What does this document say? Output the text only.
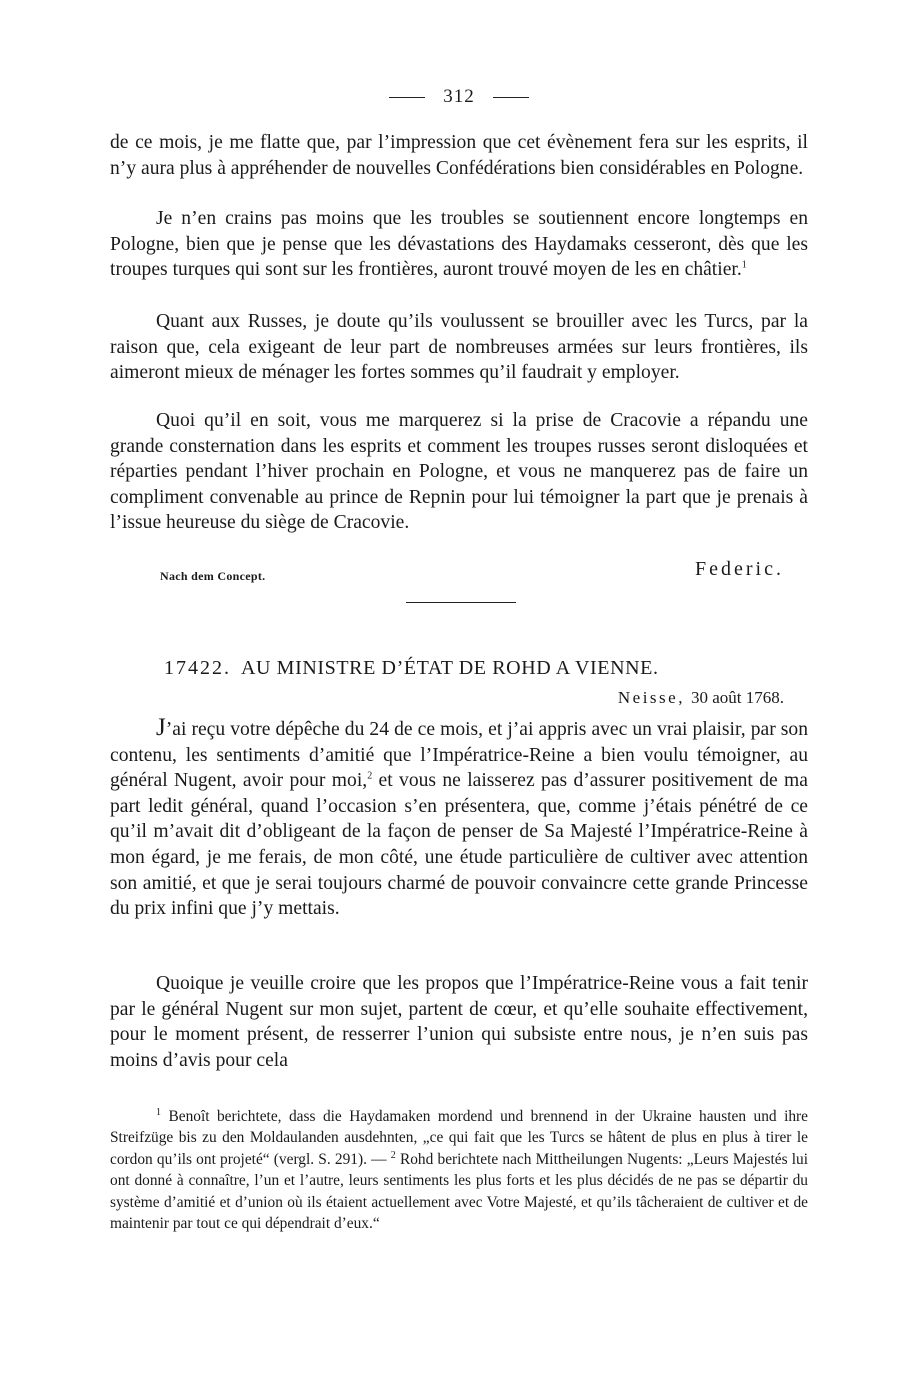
312

de ce mois, je me flatte que, par l’impression que cet évènement fera sur les esprits, il n’y aura plus à appréhender de nouvelles Confédérations bien considérables en Pologne.

Je n’en crains pas moins que les troubles se soutiennent encore longtemps en Pologne, bien que je pense que les dévastations des Haydamaks cesseront, dès que les troupes turques qui sont sur les frontières, auront trouvé moyen de les en châtier.$^1$

Quant aux Russes, je doute qu’ils voulussent se brouiller avec les Turcs, par la raison que, cela exigeant de leur part de nombreuses armées sur leurs frontières, ils aimeront mieux de ménager les fortes sommes qu’il faudrait y employer.

Quoi qu’il en soit, vous me marquerez si la prise de Cracovie a répandu une grande consternation dans les esprits et comment les troupes russes seront disloquées et réparties pendant l’hiver prochain en Pologne, et vous ne manquerez pas de faire un compliment convenable au prince de Repnin pour lui témoigner la part que je prenais à l’issue heureuse du siège de Cracovie.

Nach dem Concept.	Federic.
17422. AU MINISTRE D’ÉTAT DE ROHD A VIENNE.
Neisse, 30 août 1768.

J’ai reçu votre dépêche du 24 de ce mois, et j’ai appris avec un vrai plaisir, par son contenu, les sentiments d’amitié que l’Impératrice-Reine a bien voulu témoigner, au général Nugent, avoir pour moi,$^2$ et vous ne laisserez pas d’assurer positivement de ma part ledit général, quand l’occasion s’en présentera, que, comme j’étais pénétré de ce qu’il m’avait dit d’obligeant de la façon de penser de Sa Majesté l’Impératrice-Reine à mon égard, je me ferais, de mon côté, une étude particulière de cultiver avec attention son amitié, et que je serai toujours charmé de pouvoir convaincre cette grande Princesse du prix infini que j’y mettais.

Quoique je veuille croire que les propos que l’Impératrice-Reine vous a fait tenir par le général Nugent sur mon sujet, partent de cœur, et qu’elle souhaite effectivement, pour le moment présent, de resserrer l’union qui subsiste entre nous, je n’en suis pas moins d’avis pour cela

$^1$ Benoît berichtete, dass die Haydamaken mordend und brennend in der Ukraine hausten und ihre Streifzüge bis zu den Moldaulanden ausdehnten, „ce qui fait que les Turcs se hâtent de plus en plus à tirer le cordon qu’ils ont projeté“ (vergl. S. 291). — $^2$ Rohd berichtete nach Mittheilungen Nugents: „Leurs Majestés lui ont donné à connaître, l’un et l’autre, leurs sentiments les plus forts et les plus décidés de ne pas se départir du système d’amitié et d’union où ils étaient actuellement avec Votre Majesté, et qu’ils tâcheraient de cultiver et de maintenir par tout ce qui dépendrait d’eux.“
